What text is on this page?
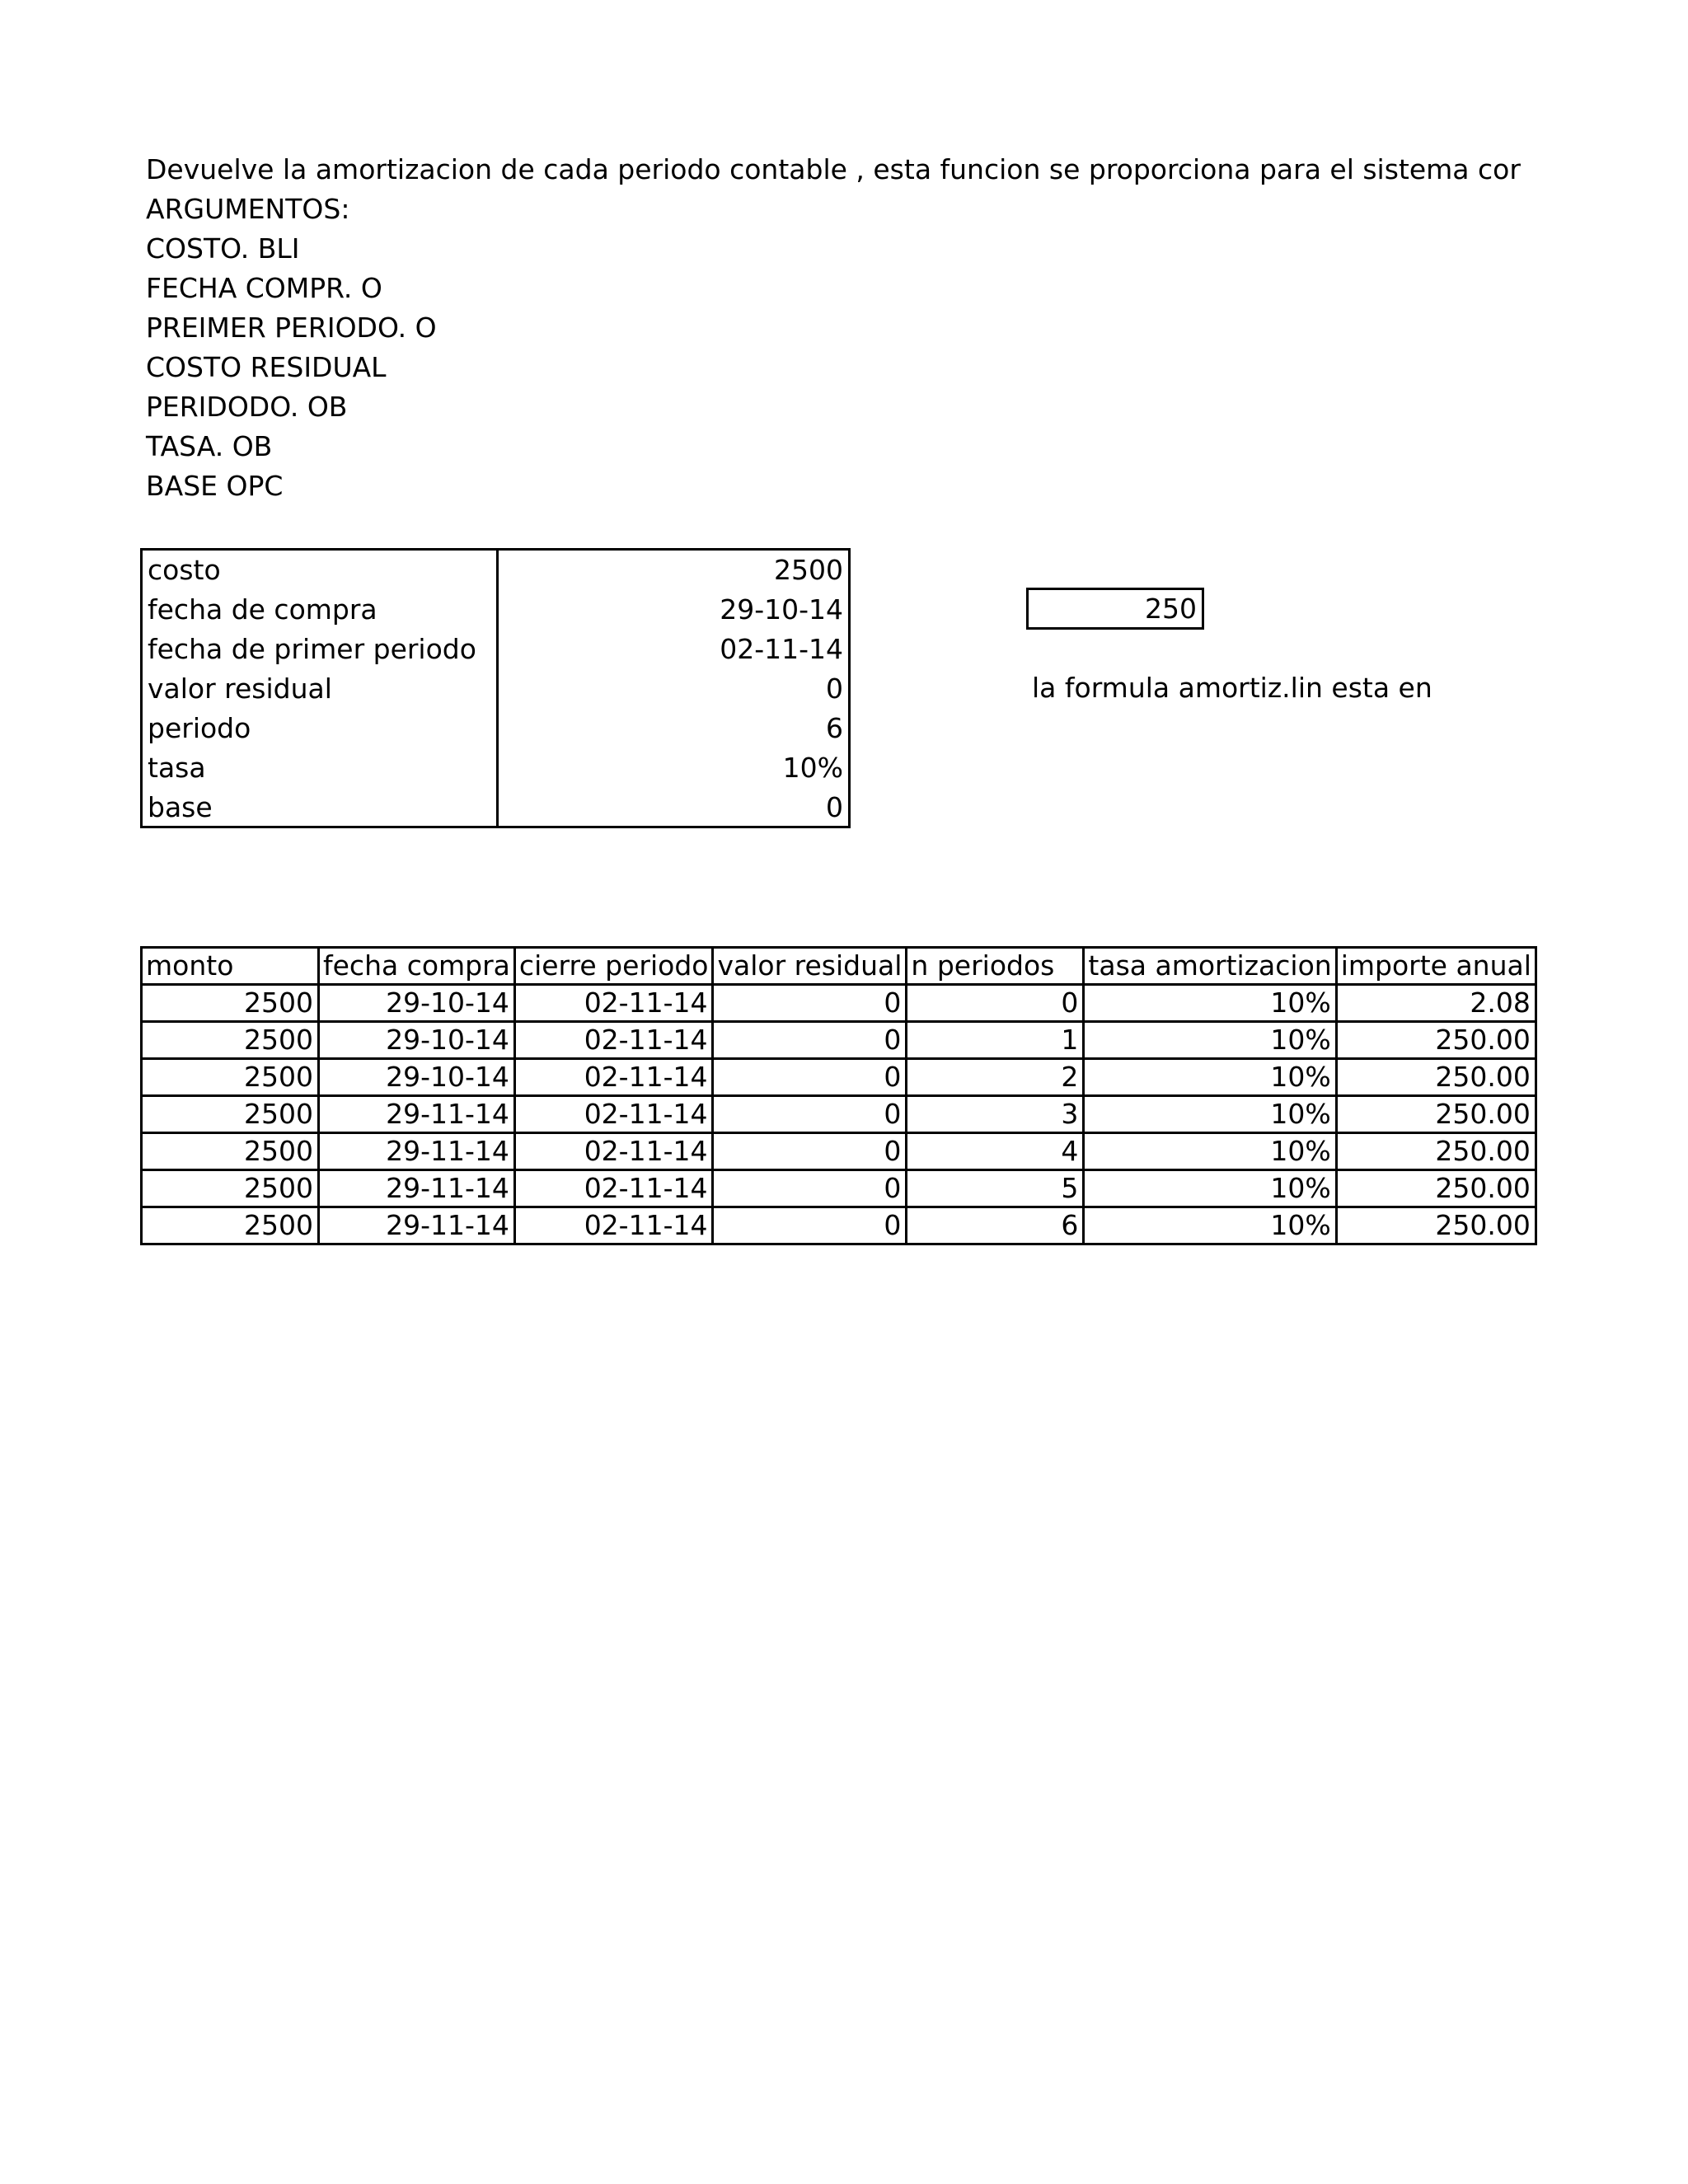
Devuelve la amortizacion de cada periodo contable , esta funcion se proporciona para el sistema cor
ARGUMENTOS:
COSTO. BLI
FECHA COMPR. O
PREIMER PERIODO. O
COSTO RESIDUAL
PERIDODO. OB
TASA. OB
BASE OPC
costo	2500
fecha de compra	29-10-14
fecha de primer periodo	02-11-14
valor residual	0
periodo	6
tasa	10%
base	0
250
la formula amortiz.lin esta en
monto	fecha compra	cierre periodo	valor residual	n periodos	tasa amortizacion	importe anual
2500	29-10-14	02-11-14	0	0	10%	2.08
2500	29-10-14	02-11-14	0	1	10%	250.00
2500	29-10-14	02-11-14	0	2	10%	250.00
2500	29-11-14	02-11-14	0	3	10%	250.00
2500	29-11-14	02-11-14	0	4	10%	250.00
2500	29-11-14	02-11-14	0	5	10%	250.00
2500	29-11-14	02-11-14	0	6	10%	250.00
